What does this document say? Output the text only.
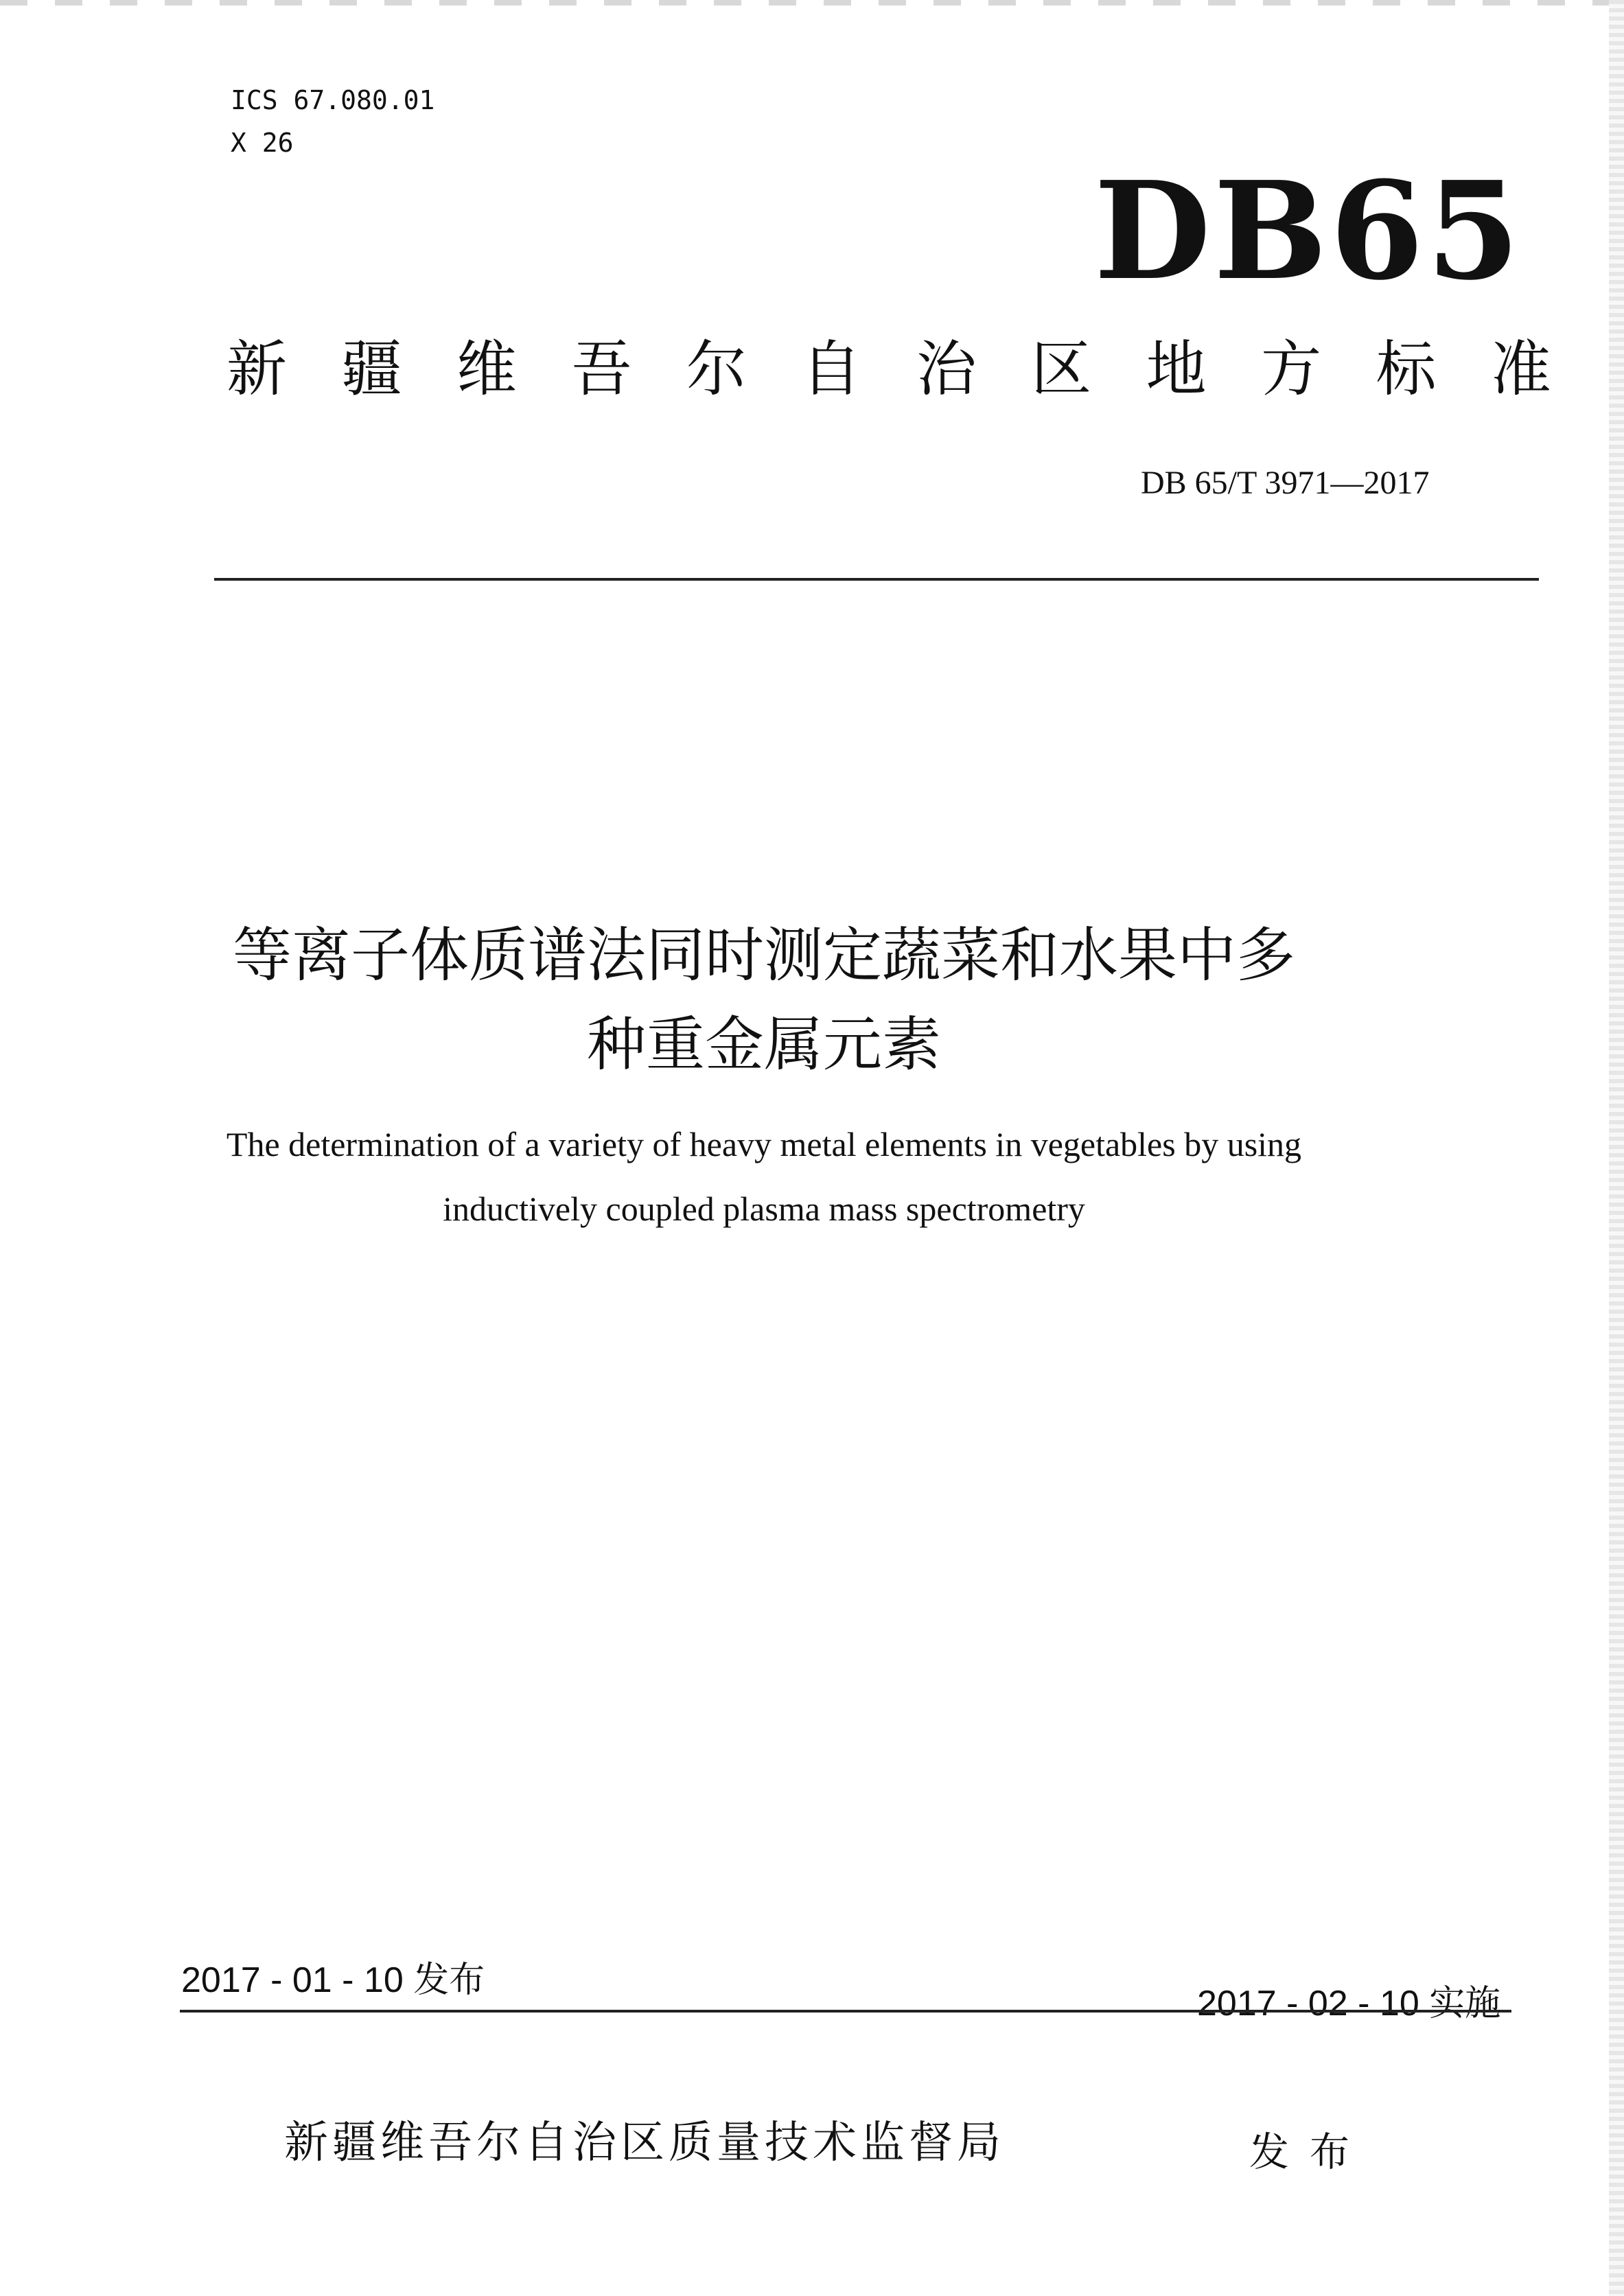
ICS 67.080.01
X 26
DB65
新 疆 维 吾 尔 自 治 区 地 方 标 准
DB 65/T 3971—2017
等离子体质谱法同时测定蔬菜和水果中多
种重金属元素
The determination of a variety of heavy metal elements in vegetables by using
inductively coupled plasma mass spectrometry
2017 - 01 - 10 发布
2017 - 02 - 10 实施
新疆维吾尔自治区质量技术监督局	发布
